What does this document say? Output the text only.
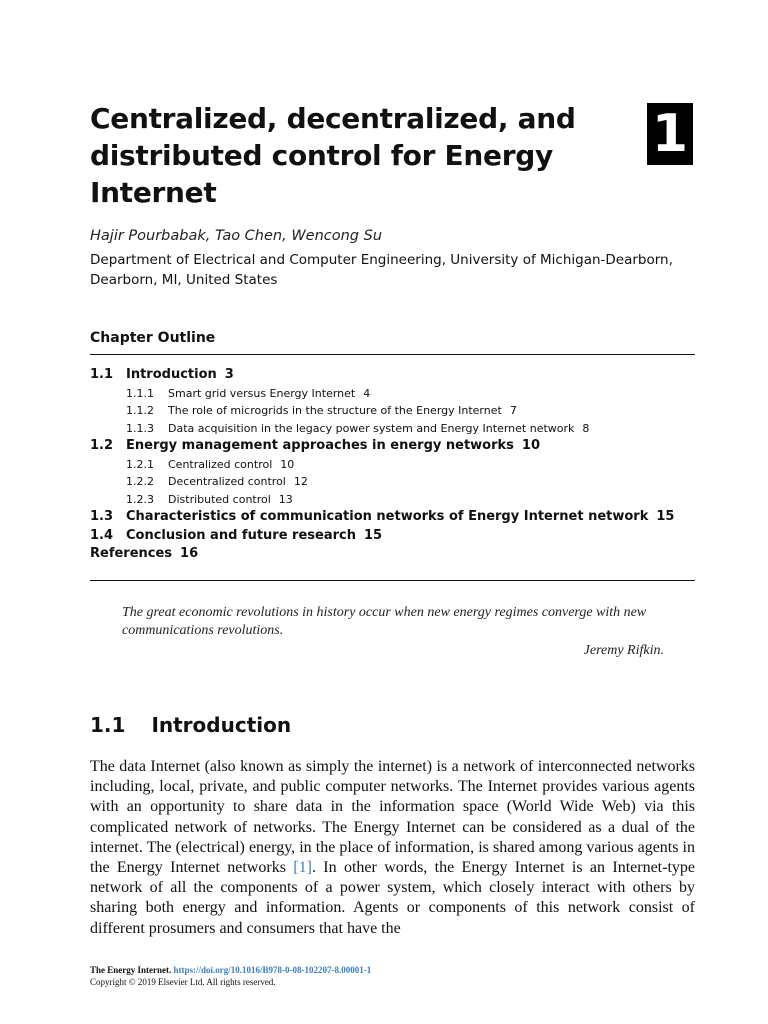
Centralized, decentralized, and distributed control for Energy Internet
1

Hajir Pourbabak, Tao Chen, Wencong Su

Department of Electrical and Computer Engineering, University of Michigan-Dearborn, Dearborn, MI, United States

Chapter Outline
1.1 Introduction 3
1.1.1 Smart grid versus Energy Internet 4
1.1.2 The role of microgrids in the structure of the Energy Internet 7
1.1.3 Data acquisition in the legacy power system and Energy Internet network 8
1.2 Energy management approaches in energy networks 10
1.2.1 Centralized control 10
1.2.2 Decentralized control 12
1.2.3 Distributed control 13
1.3 Characteristics of communication networks of Energy Internet network 15
1.4 Conclusion and future research 15
References 16
The great economic revolutions in history occur when new energy regimes converge with new communications revolutions.
Jeremy Rifkin.
1.1 Introduction

The data Internet (also known as simply the internet) is a network of interconnected networks including, local, private, and public computer networks. The Internet provides various agents with an opportunity to share data in the information space (World Wide Web) via this complicated network of networks. The Energy Internet can be considered as a dual of the internet. The (electrical) energy, in the place of information, is shared among various agents in the Energy Internet networks [1]. In other words, the Energy Internet is an Internet-type network of all the components of a power system, which closely interact with others by sharing both energy and information. Agents or components of this network consist of different prosumers and consumers that have the

The Energy Internet. https://doi.org/10.1016/B978-0-08-102207-8.00001-1
Copyright © 2019 Elsevier Ltd. All rights reserved.
